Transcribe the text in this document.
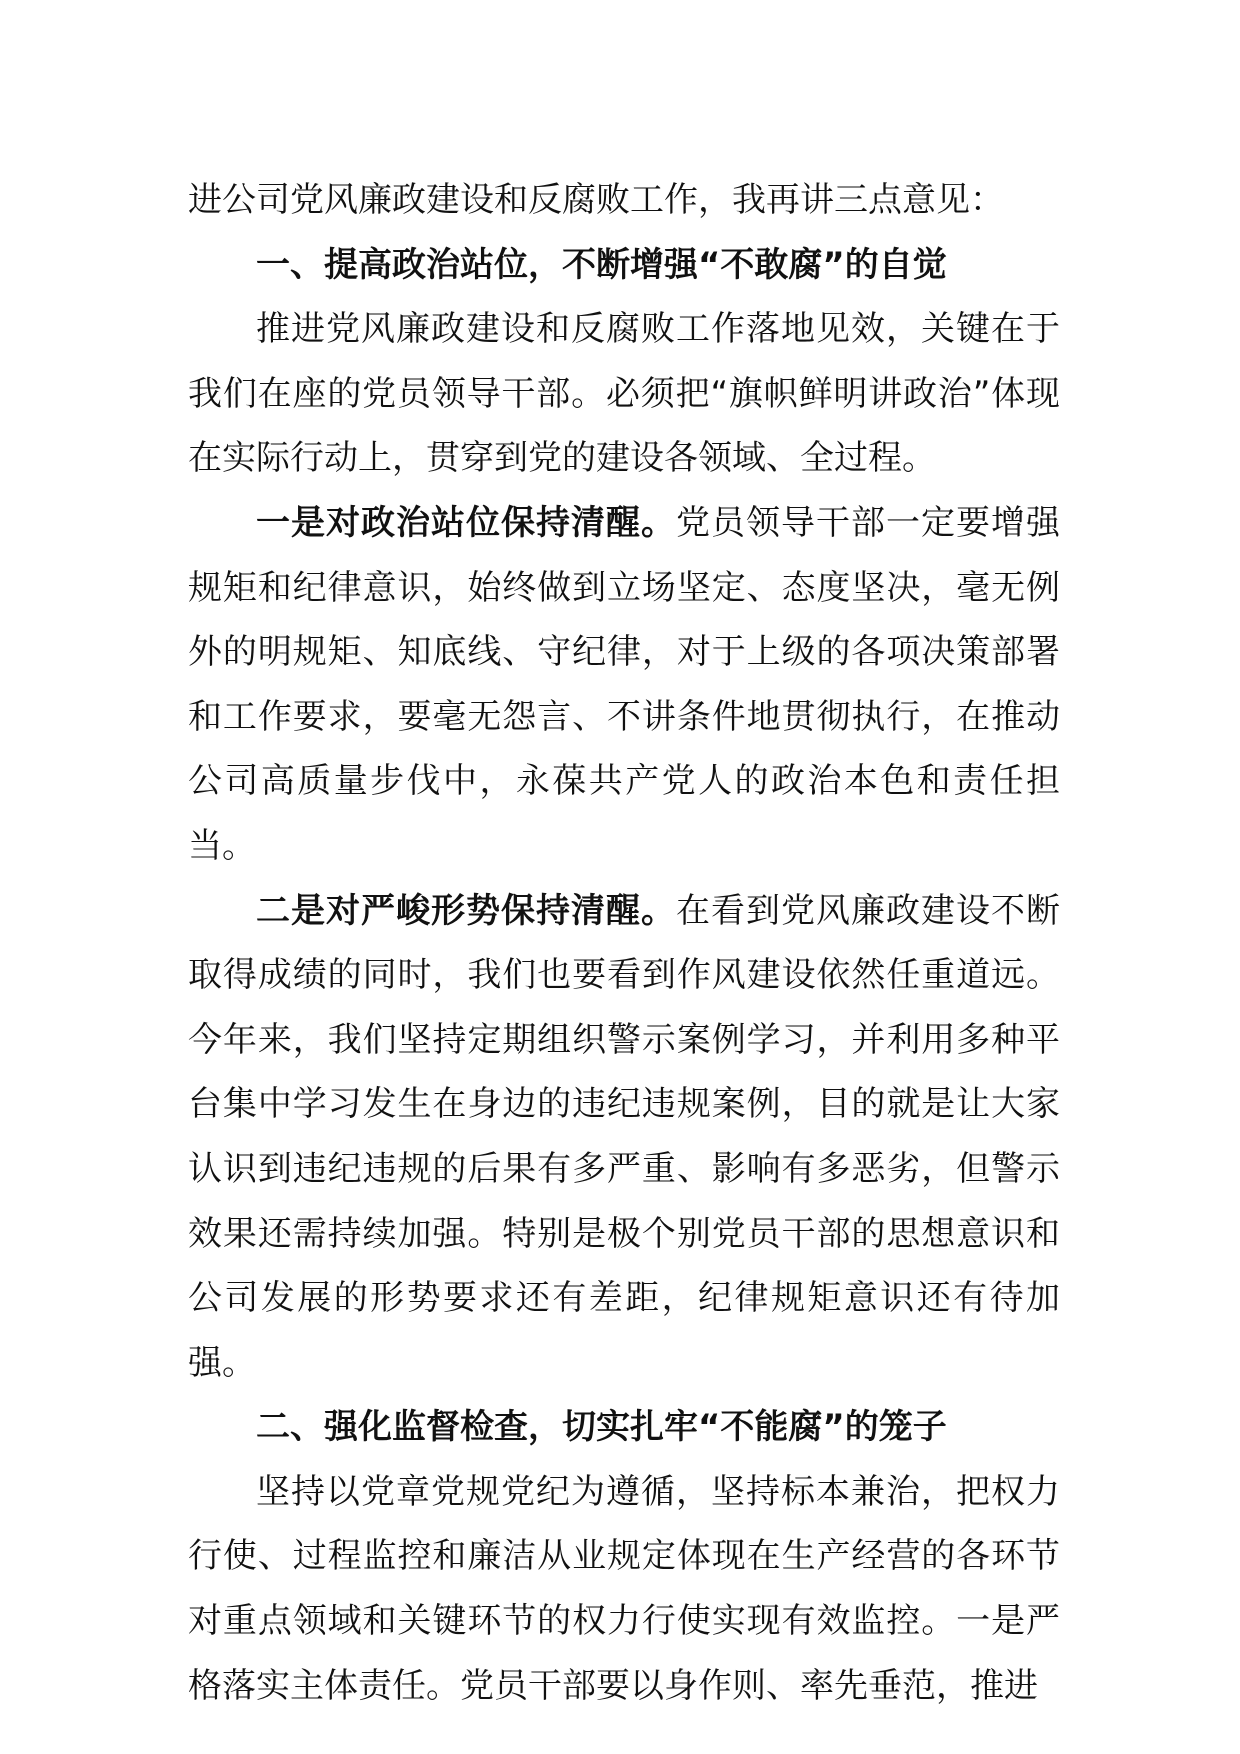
进公司党风廉政建设和反腐败工作，我再讲三点意见：

一、提高政治站位，不断增强“不敢腐”的自觉

推进党风廉政建设和反腐败工作落地见效，关键在于我们在座的党员领导干部。必须把“旗帜鲜明讲政治”体现在实际行动上，贯穿到党的建设各领域、全过程。

一是对政治站位保持清醒。党员领导干部一定要增强规矩和纪律意识，始终做到立场坚定、态度坚决，毫无例外的明规矩、知底线、守纪律，对于上级的各项决策部署和工作要求，要毫无怨言、不讲条件地贯彻执行，在推动公司高质量步伐中，永葆共产党人的政治本色和责任担当。

二是对严峻形势保持清醒。在看到党风廉政建设不断取得成绩的同时，我们也要看到作风建设依然任重道远。今年来，我们坚持定期组织警示案例学习，并利用多种平台集中学习发生在身边的违纪违规案例，目的就是让大家认识到违纪违规的后果有多严重、影响有多恶劣，但警示效果还需持续加强。特别是极个别党员干部的思想意识和公司发展的形势要求还有差距，纪律规矩意识还有待加强。

二、强化监督检查，切实扎牢“不能腐”的笼子

坚持以党章党规党纪为遵循，坚持标本兼治，把权力行使、过程监控和廉洁从业规定体现在生产经营的各环节对重点领域和关键环节的权力行使实现有效监控。一是严格落实主体责任。党员干部要以身作则、率先垂范，推进
